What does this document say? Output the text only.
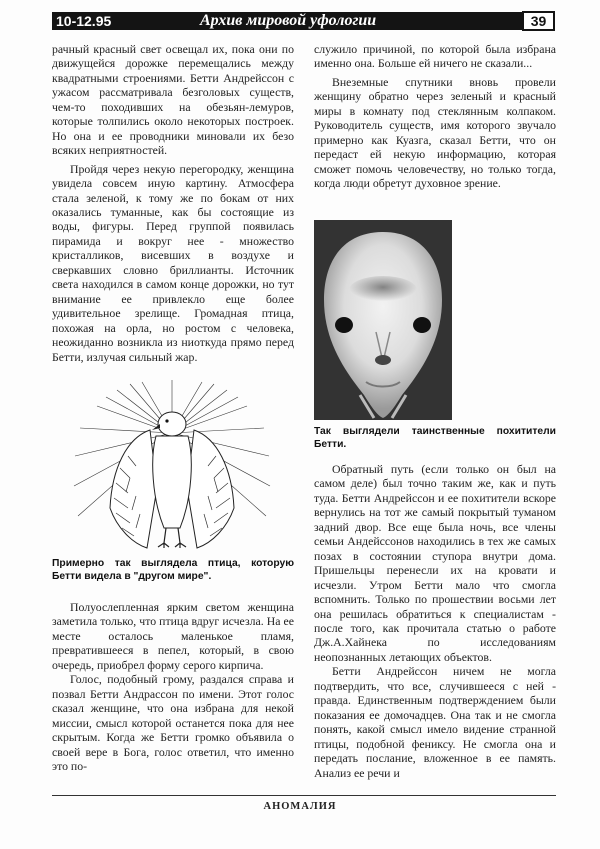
10-12.95	Архив мировой уфологии	39

рачный красный свет освещал их, пока они по движущейся дорожке перемещались между квадратными строениями. Бетти Андрейссон с ужасом рассматривала безголовых существ, чем-то походивших на обезьян-лемуров, которые толпились около некоторых построек. Но она и ее проводники миновали их безо всяких неприятностей.

Пройдя через некую перегородку, женщина увидела совсем иную картину. Атмосфера стала зеленой, к тому же по бокам от них оказались туманные, как бы состоящие из воды, фигуры. Перед группой появилась пирамида и вокруг нее - множество кристалликов, висевших в воздухе и сверкавших словно бриллианты. Источник света находился в самом конце дорожки, но тут внимание ее привлекло еще более удивительное зрелище. Громадная птица, похожая на орла, но ростом с человека, неожиданно возникла из ниоткуда прямо перед Бетти, излучая сильный жар.

Примерно так выглядела птица, которую Бетти видела в "другом мире".

Полуослепленная ярким светом женщина заметила только, что птица вдруг исчезла. На ее месте осталось маленькое пламя, превратившееся в пепел, который, в свою очередь, приобрел форму серого кирпича.

Голос, подобный грому, раздался справа и позвал Бетти Андрассон по имени. Этот голос сказал женщине, что она избрана для некой миссии, смысл которой останется пока для нее скрытым. Когда же Бетти громко объявила о своей вере в Бога, голос ответил, что именно это по-

служило причиной, по которой была избрана именно она. Больше ей ничего не сказали...

Внеземные спутники вновь провели женщину обратно через зеленый и красный миры в комнату под стеклянным колпаком. Руководитель существ, имя которого звучало примерно как Куазга, сказал Бетти, что он передаст ей некую информацию, которая сможет помочь человечеству, но только тогда, когда люди обретут духовное зрение.

Так выглядели таинственные похитители Бетти.

Обратный путь (если только он был на самом деле) был точно таким же, как и путь туда. Бетти Андрейссон и ее похитители вскоре вернулись на тот же самый покрытый туманом задний двор. Все еще была ночь, все члены семьи Андейссонов находились в тех же самых позах в состоянии ступора внутри дома. Пришельцы перенесли их на кровати и исчезли. Утром Бетти мало что смогла вспомнить. Только по прошествии восьми лет она решилась обратиться к специалистам - после того, как прочитала статью о работе Дж.А.Хайнека по исследованиям неопознанных летающих объектов.

Бетти Андрейссон ничем не могла подтвердить, что все, случившееся с ней - правда. Единственным подтверждением были показания ее домочадцев. Она так и не смогла понять, какой смысл имело видение странной птицы, подобной фениксу. Не смогла она и передать послание, вложенное в ее память. Анализ ее речи и

АНОМАЛИЯ
